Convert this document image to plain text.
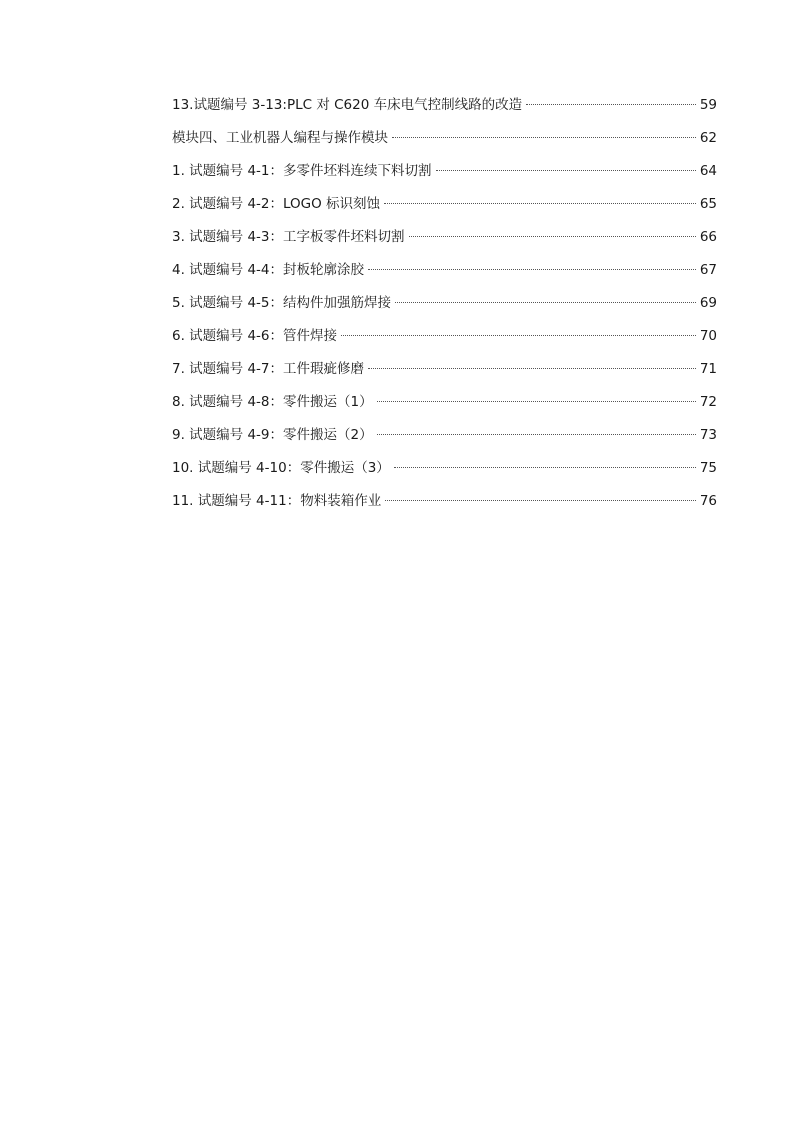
13.试题编号 3-13:PLC 对 C620 车床电气控制线路的改造	59
模块四、工业机器人编程与操作模块	62
1. 试题编号 4-1：多零件坯料连续下料切割	64
2. 试题编号 4-2：LOGO 标识刻蚀	65
3. 试题编号 4-3：工字板零件坯料切割	66
4. 试题编号 4-4：封板轮廓涂胶	67
5. 试题编号 4-5：结构件加强筋焊接	69
6. 试题编号 4-6：管件焊接	70
7. 试题编号 4-7：工件瑕疵修磨	71
8. 试题编号 4-8：零件搬运（1）	72
9. 试题编号 4-9：零件搬运（2）	73
10. 试题编号 4-10：零件搬运（3）	75
11. 试题编号 4-11：物料装箱作业	76
